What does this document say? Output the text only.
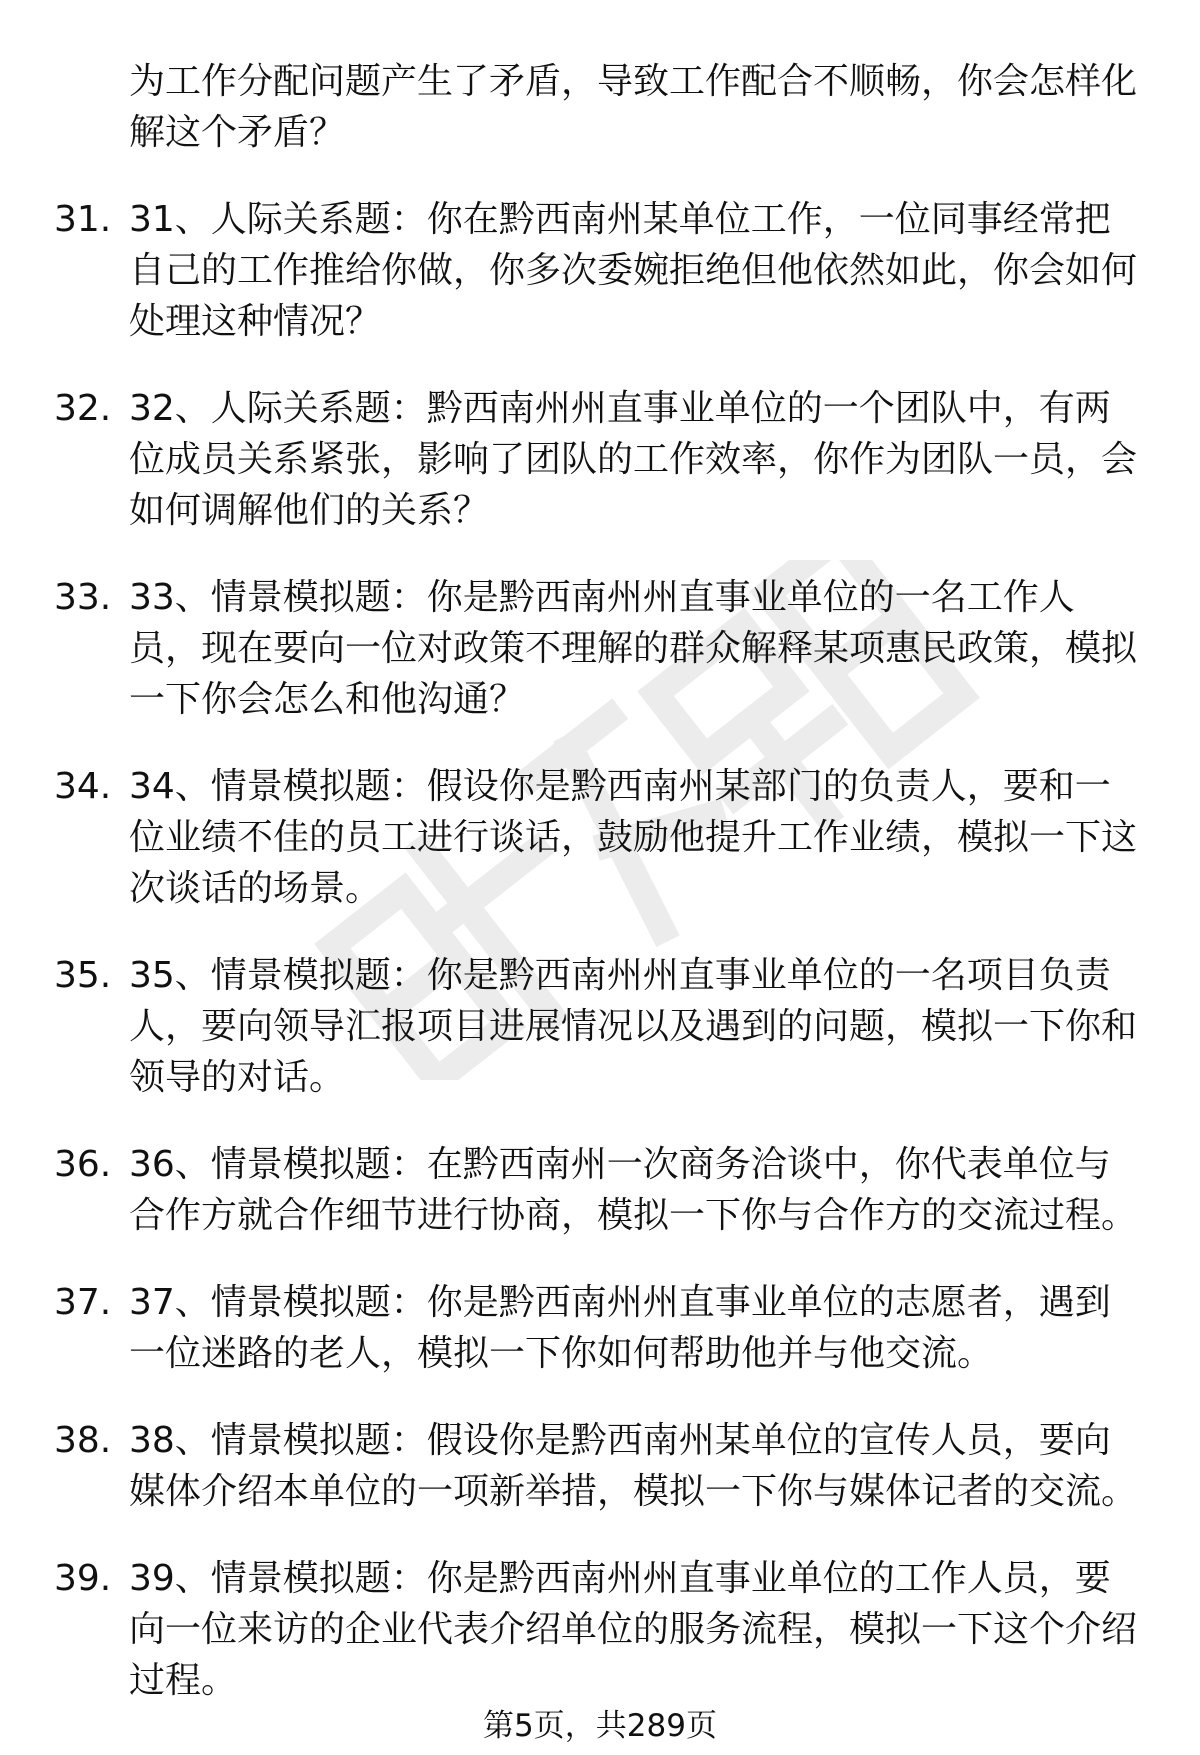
为工作分配问题产生了矛盾，导致工作配合不顺畅，你会怎样化解这个矛盾？
31. 31、人际关系题：你在黔西南州某单位工作，一位同事经常把自己的工作推给你做，你多次委婉拒绝但他依然如此，你会如何处理这种情况？
32. 32、人际关系题：黔西南州州直事业单位的一个团队中，有两位成员关系紧张，影响了团队的工作效率，你作为团队一员，会如何调解他们的关系？
33. 33、情景模拟题：你是黔西南州州直事业单位的一名工作人员，现在要向一位对政策不理解的群众解释某项惠民政策，模拟一下你会怎么和他沟通？
34. 34、情景模拟题：假设你是黔西南州某部门的负责人，要和一位业绩不佳的员工进行谈话，鼓励他提升工作业绩，模拟一下这次谈话的场景。
35. 35、情景模拟题：你是黔西南州州直事业单位的一名项目负责人，要向领导汇报项目进展情况以及遇到的问题，模拟一下你和领导的对话。
36. 36、情景模拟题：在黔西南州一次商务洽谈中，你代表单位与合作方就合作细节进行协商，模拟一下你与合作方的交流过程。
37. 37、情景模拟题：你是黔西南州州直事业单位的志愿者，遇到一位迷路的老人，模拟一下你如何帮助他并与他交流。
38. 38、情景模拟题：假设你是黔西南州某单位的宣传人员，要向媒体介绍本单位的一项新举措，模拟一下你与媒体记者的交流。
39. 39、情景模拟题：你是黔西南州州直事业单位的工作人员，要向一位来访的企业代表介绍单位的服务流程，模拟一下这个介绍过程。
第5页，共289页
